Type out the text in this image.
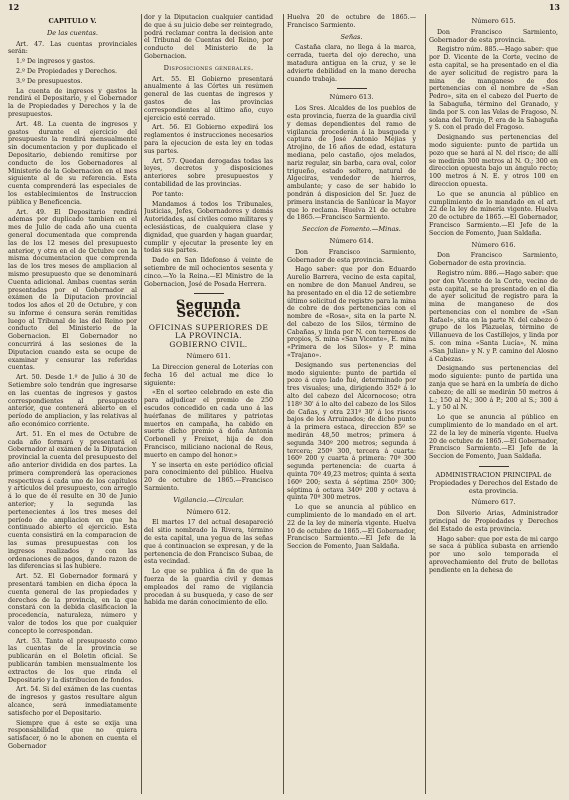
12	13
CAPITULO V.
De las cuentas.

Art. 47. Las cuentas provinciales serán:

1.º De ingresos y gastos.

2.º De Propiedades y Derechos.

3.º De presupuestos.

La cuenta de ingresos y gastos la rendirá el Depositario, y el Gobernador la de Propiedades y Derechos y la de presupuestos.

Art. 48. La cuenta de ingresos y gastos durante el ejercicio del presupuesto la rendirá mensualmente sin documentacion y por duplicado el Depositario, debiendo remitirse por conducto de los Gobernadores al Ministerio de la Gobernacion en el mes siguiente al de su referencia. Esta cuenta comprenderá las especiales de los establecimientos de Instruccion pública y Beneficencia.

Art. 49. El Depositario rendirá ademas por duplicado tambien en el mes de Julio de cada año una cuenta general documentada que comprenda las de los 12 meses del presupuesto anterior, y otra en el de Octubre con la misma documentacion que comprenda las de los tres meses de ampliacion al mismo presupuesto que se denominará Cuenta adicional. Ambas cuentas serán presentadas por el Gobernador al exámen de la Diputacion provincial todos los años el 20 de Octubre, y con su informe é censura serán remitidas luego al Tribunal de las del Reino por conducto del Ministerio de la Gobernacion. El Gobernador no concurrirá á las sesiones de la Diputacion cuando esta se ocupe de examinar y censurar las referidas cuentas.

Art. 50. Desde 1.º de Julio á 30 de Setiembre solo tendrán que ingresarse en las cuentas de ingresos y gastos correspondientes al presupuesto anterior, que contenerá abierto en el período de ampliacion, y las relativas al año económico corriente.

Art. 51. En el mes de Octubre de cada año formará y presentará el Gobernador al exámen de la Diputacion provincial la cuenta del presupuesto del año anterior dividida en dos partes. La primera comprenderá las operaciones respectivas á cada uno de los capítulos y artículos del presupuesto, con arreglo á lo que de él resulte en 30 de Junio anterior; y la segunda las pertenecientes á los tres meses del período de ampliacion en que ha continuado abierto el ejercicio. Esta cuenta consistirá en la comparacion de las sumas presupuestas con los ingresos realizados y con las ordenaciones de pagos, dando razon de las diferencias si las hubiere.

Art. 52. El Gobernador formará y presentará tambien en dicha época la cuenta general de las propiedades y derechos de la provincia, en la que constará con la debida clasificacion la procedencia, naturaleza, número y valor de todos los que por cualquier concepto le correspondan.

Art. 53. Tanto el presupuesto como las cuentas de la provincia se publicarán en el Boletin oficial. Se publicarán tambien mensualmente los extractos de los que rinda el Depositario y la distribucion de fondos.

Art. 54. Si del exámen de las cuentas de ingresos y gastos resultare algun alcance, será inmediatamente satisfecho por el Depositario.

Siempre que á este se exija una responsabilidad que no quiera satisfacer, ó no le abonen en cuenta el Gobernador

dor y la Diputacion cualquier cantidad de que á su juicio debe ser reintegrado, podrá reclamar contra la decision ante el Tribunal de Cuentas del Reino, por conducto del Ministerio de la Gobernacion.

Disposiciones generales.

Art. 55. El Gobierno presentará anualmente á las Córtes un resúmen general de las cuentas de ingresos y gastos de las provincias correspondientes al último año, cuyo ejercicio esté cerrado.

Art. 56. El Gobierno expedirá los reglamentos é instrucciones necesarios para la ejecucion de esta ley en todas sus partes.

Art. 57. Quedan derogadas todas las leyes, decretos y disposiciones anteriores sobre presupuestos y contabilidad de las provincias.

Por tanto:

Mandamos á todos los Tribunales, Justicias, Jefes, Gobernadores y demás Autoridades, así civiles como militares y eclesiásticas, de cualquiera clase y dignidad, que guarden y hagan guardar, cumplir y ejecutar la presente ley en todas sus partes.

Dado en San Ildefonso á veinte de setiembre de mil ochocientos sesenta y cinco.—Yo la Reina.—El Ministro de la Gobernacion, José de Posada Herrera.

Segunda Seccion.
OFICINAS SUPERIORES DE LA PROVINCIA.
GOBIERNO CIVIL.
Número 611.

La Direccion general de Loterías con fecha 16 del actual me dice lo siguiente:

«En el sorteo celebrado en este dia para adjudicar el premio de 250 escudos concedido en cada uno á las huérfanas de militares y patriotas muertos en campaña, ha cabido en suerte dicho premio á doña Antonia Corbonell y Freixet, hija de don Francisco, miliciano nacional de Reus, muerto en campo del honor.»

Y se inserta en este periódico oficial para conocimiento del público. Huelva 20 de octubre de 1865.—Francisco Sarmiento.

Vigilancia.—Circular.
Número 612.

El martes 17 del actual desapareció del sitio nombrado la Rivera, término de esta capital, una yegua de las señas que á continuacion se expresan, y de la pertenencia de don Francisco Subaa, de esta vecindad.

Lo que se publica á fin de que la fuerza de la guardia civil y demas empleados del ramo de vigilancia procedan á su busqueda, y caso de ser habida me darán conocimiento de ello.

Huelva 20 de octubre de 1865.—Francisco Sarmiento.

Señas.

Castaña clara, no llega á la marca, cerrada, tuerta del ojo derecho, una matadura antigua en la cruz, y se le advierte debilidad en la mano derecha cuando trabaja.

Número 613.

Los Sres. Alcaldes de los pueblos de esta provincia, fuerza de la guardia civil y demas dependientes del ramo de vigilancia procederán á la busqueda y captura de José Antonio Mejias y Atrojino, de 16 años de edad, estatura mediana, pelo castaño, ojos melados, nariz regular, sin barba, cara oval, color trigueño, estado soltero, natural de Algeciras, vendedor de hierros, ambulante; y caso de ser habido lo pondrán á disposicion del Sr. Juez de primera instancia de Sanlúcar la Mayor que lo reclama. Huelva 21 de octubre de 1865.—Francisco Sarmiento.

Seccion de Fomento.—Minas.
Número 614.

Don Francisco Sarmiento, Gobernador de esta provincia.

Hago saber: que por don Eduardo Aurelio Barrera, vecino de esta capital, en nombre de don Manuel Andreu, se ha presentado en el dia 12 de setiembre último solicitud de registro para la mina de cobre de dos pertenencias con el nombre de «Rosa», sita en la parte N. del cabezo de los Silos, término de Cabañas, y linda por N. con terrenos de propios, S. mina «San Vicente», E. mina «Primera de los Silos» y P. mina «Trajano».

Designando sus pertenencias del modo siguiente: punto de partida el pozo á cuyo lado fué, determinado por tres visuales; una, dirigiendo 352º á lo alto del cabezo del Alcornocoso; otra 118º 30' á lo alto del cabezo de los Silos de Cañas, y otra 231º 30' á los riscos bajos de los Arruinados; de dicho punto á la primera estaca, direccion 85º se medirán 48,50 metros; primera á segunda 340º 200 metros; segunda á tercera; 250º 300, tercera á cuarta: 160º 200 y cuarta á primera: 70º 300 segunda pertenencia: de cuarta á quinta 70º 49,23 metros; quinta á sexta 160º 200; sexta á séptima 250º 300; séptima á octava 340º 200 y octava á quinta 70º 300 metros.

Lo que se anuncia al público en cumplimiento de lo mandado en el art. 22 de la ley de minería vigente. Huelva 10 de octubre de 1865.—El Gobernador, Francisco Sarmiento.—El Jefe de la Seccion de Fomento, Juan Saldaña.

Número 615.

Don Francisco Sarmiento, Gobernador de esta provincia.

Registro núm. 885.—Hago saber: que por D. Vicente de la Corte, vecino de esta capital, se ha presentado en el dia de ayer solicitud de registro para la mina de manganeso de dos pertenencias con el nombre de «San Pedro», sita en el cabezo del Puerto de la Sabaguña, término del Granado, y linda por S. con las Velas de Fragoso, N. solana del Torujo, P. era de la Sabaguña y S. con el prado del Fragoso.

Designando sus pertenencias del modo siguiente: punto de partida un pozo que se hará al N. del risco; de allí se medirán 300 metros al N. O.; 300 en direccion opuesta bajo un ángulo recto; 100 metros á N. E. y otros 100 en direccion opuesta.

Lo que se anuncia al público en cumplimiento de lo mandado en el art. 22 de la ley de minería vigente. Huelva 20 de octubre de 1865.—El Gobernador, Francisco Sarmiento.—El Jefe de la Seccion de Fomento, Juan Saldaña.

Número 616.

Don Francisco Sarmiento, Gobernador de esta provincia.

Registro núm. 886.—Hago saber: que por don Vicente de la Corte, vecino de esta capital, se ha presentado en el dia de ayer solicitud de registro para la mina de manganeso de dos pertenencias con el nombre de «San Rafael», sita en la parte N. del cabezo ó grupo de los Plazuelas, término de Villanueva de los Castillejos, y linda por S. con mina «Santa Lucía», N. mina «San Julian» y N. y P. camino del Alosno á Cabezas.

Designando sus pertenencias del modo siguiente: punto de partida una zanja que se hará en la umbría de dicho cabezo; de allí se medirán 50 metros á L.; 150 al N.; 300 á P.; 200 al S.; 300 á L. y 50 al N.

Lo que se anuncia al público en cumplimiento de lo mandado en el art. 22 de la ley de minería vigente. Huelva 20 de octubre de 1865.—El Gobernador, Francisco Sarmiento.—El Jefe de la Seccion de Fomento, Juan Saldaña.

ADMINISTRACION PRINCIPAL de Propiedades y Derechos del Estado de esta provincia.
Número 617.

Don Silverio Arias, Administrador principal de Propiedades y Derechos del Estado de esta provincia.

Hago saber: que por esta de mi cargo se saca á pública subasta en arriendo por uno solo temporada el aprovechamiento del fruto de bellotas pendiente en la dehesa de
